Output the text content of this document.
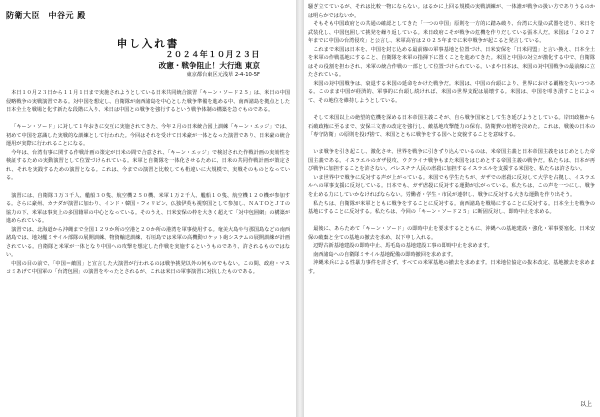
防衛大臣　中谷元 殿
申し入れ書
２０２４年１０月２３日
改憲・戦争阻止！大行進 東京
東京都台東区元浅草 2-4-10-5F

本日１０月２３日から１１月１日まで実施されようとしている日米共同統合演習「キーン・ソード２５」は、米日の中国侵略戦争の実戦演習である。対中国を想定し、自衛隊が南西諸島を中心とした戦争準備を進める中、南西諸島を拠点とした日本全土を戦場と化す新たな段階に入り、米日は中国との戦争を強行するという戦争体制の構築を急ぐものである。

「キーン・ソード」に対して１年おきに交互に実施されてきた、今年２月の日米統合図上訓練「キーン・エッジ」では、初めて中国を意識した実戦的な訓練として行われた。今回はそれを受けて日米豪が一体となった演習であり、日米豪の統合運用が実際に行われることになる。

今年は、台湾有事に関する作戦計画の策定が日米の間で合意され、「キーン・エッジ」で検討された作戦計画の実効性を検証するための実動演習として位置づけられている。米軍と自衛隊を一体化させるために、日米の共同作戦計画が策定され、それを実践するための演習となる。これは、今までの演習と比較しても桁違いに大規模で、実戦そのものとなっている。

演習には、自衛隊３万３千人、艦船３０隻、航空機２５０機、米軍１万２千人、艦船１０隻、航空機１２０機が参加する。さらに豪州、カナダが演習に加わり、インド・韓国・フィリピン、仏独伊英も視察国として参加し、ＮＡＴＯとＪＴの協力の下、米軍は事実上の多国籍軍の中心となっている。そのうえ、日米安保の枠を大きく超えて「対中包囲網」の構築が進められている。

演習では、北海道から沖縄まで全国１２９か所の空港と２０か所の港湾を軍事使用する。奄美大島や与那国島などの南西諸島では、地対艦ミサイル部隊の展開訓練、物資輸送訓練、石垣島では米軍の高機動ロケット砲システムの展開訓練が計画されている。自衛隊と米軍が一体となり中国への攻撃を想定した作戦を実施するというものであり、許されるものではない。

中国の目の前で、「中国＝敵国」と宣言した大演習が行われるのは戦争挑発以外の何ものでもない。この間、政府・マスコミあげて中国軍の「台湾包囲」の演習をやったとされるが、これは米日の軍事演習に対抗したものである。

騒ぎ立てているが、それは比較一物にならない。はるかに上回る規模の実戦訓練が、一体誰が戦争の扱い方でありうるのかは明らかではないか。

そもそも中国政府との共通の確認としてきた「一つの中国」原則を一方的に踏み破り、台湾に大量の武器を送り、米日を武装化し、中国包囲して挑発を繰り返している。米日政府こそが戦争の危機を作りだしている張本人だ。米国は「２０２７年までに中国の台湾侵攻」と公言し、米軍高官は２０２５年までに米中戦争が起こると発言している。

これまで米国は日本を、中国を封じ込める最前線の軍事基地と位置づけ、日米安保を「日米同盟」と言い換え、日本全土を米軍の作戦基地にすること、自衛隊を米軍の指揮下に置くことを進めてきた。米国と中国の対立が激化する中で、自衛隊はその役割を担わされ、米軍の統合作戦の一部として位置づけられている。いまや日本は、米国の対中国戦争の最前線に立たされている。

米国の対中国戦争は、衰退する米国の延命をかけた戦争だ。米国は、中国の台頭により、世界における覇権を失いつつある。このまま中国が経済的、軍事的に台頭し続ければ、米国の世界支配は崩壊する。米国は、中国を叩き潰すことによって、その地位を維持しようとしている。

そして米国以上の絶望的危機を深める日本帝国主義こそが、自ら戦争国家として生き延びようとしている。岸田政権から石破政権に至るまで、安保三文書の改定を強行し、敵基地攻撃能力の保有、防衛費の倍増を決めた。これは、戦後の日本の「専守防衛」の原則を投げ捨て、米国とともに戦争をする国へと変貌することを意味する。

いま戦争を引き起こし、激化させ、世界を戦争に引きずり込んでいるのは、米帝国主義と日本帝国主義をはじめとした帝国主義である。イスラエルのガザ侵攻、ウクライナ戦争もまた米国をはじめとする帝国主義の戦争だ。私たちは、日本が再び戦争に加担することを許さない。パレスチナ人民の虐殺に加担するイスラエルを支援する米国を、私たちは許さない。

いま世界中で戦争に反対する声が上がっている。米国でも学生たちが、ガザでの虐殺に反対して大学を占拠し、イスラエルへの軍事支援に反対している。日本でも、ガザ虐殺に反対する運動が広がっている。私たちは、この声を一つにし、戦争を止める力にしていかなければならない。労働者・学生・市民が連帯し、戦争に反対する大きな運動を作り出そう。

私たちは、自衛隊が米軍とともに戦争をすることに反対する。南西諸島を戦場にすることに反対する。日本全土を戦争の基地にすることに反対する。私たちは、今回の「キーン・ソード２５」に断固反対し、即時中止を求める。

最後に、あらためて「キーン・ソード」の即時中止を要求するとともに、沖縄への基地建設・強化・軍事要塞化、日米安保の破棄と全ての基地の撤去を求め、以下申し入れる。

　辺野古新基地建設の即時中止、馬毛島の基地建設工事の即時中止を求めます。

　南西諸島への自衛隊ミサイル基地配備の即時撤回を求めます。

　沖縄米兵による性暴力事件を許さず、すべての米軍基地の撤去を求めます。日米地位協定の抜本改定、基地撤去を求めます。

以上
